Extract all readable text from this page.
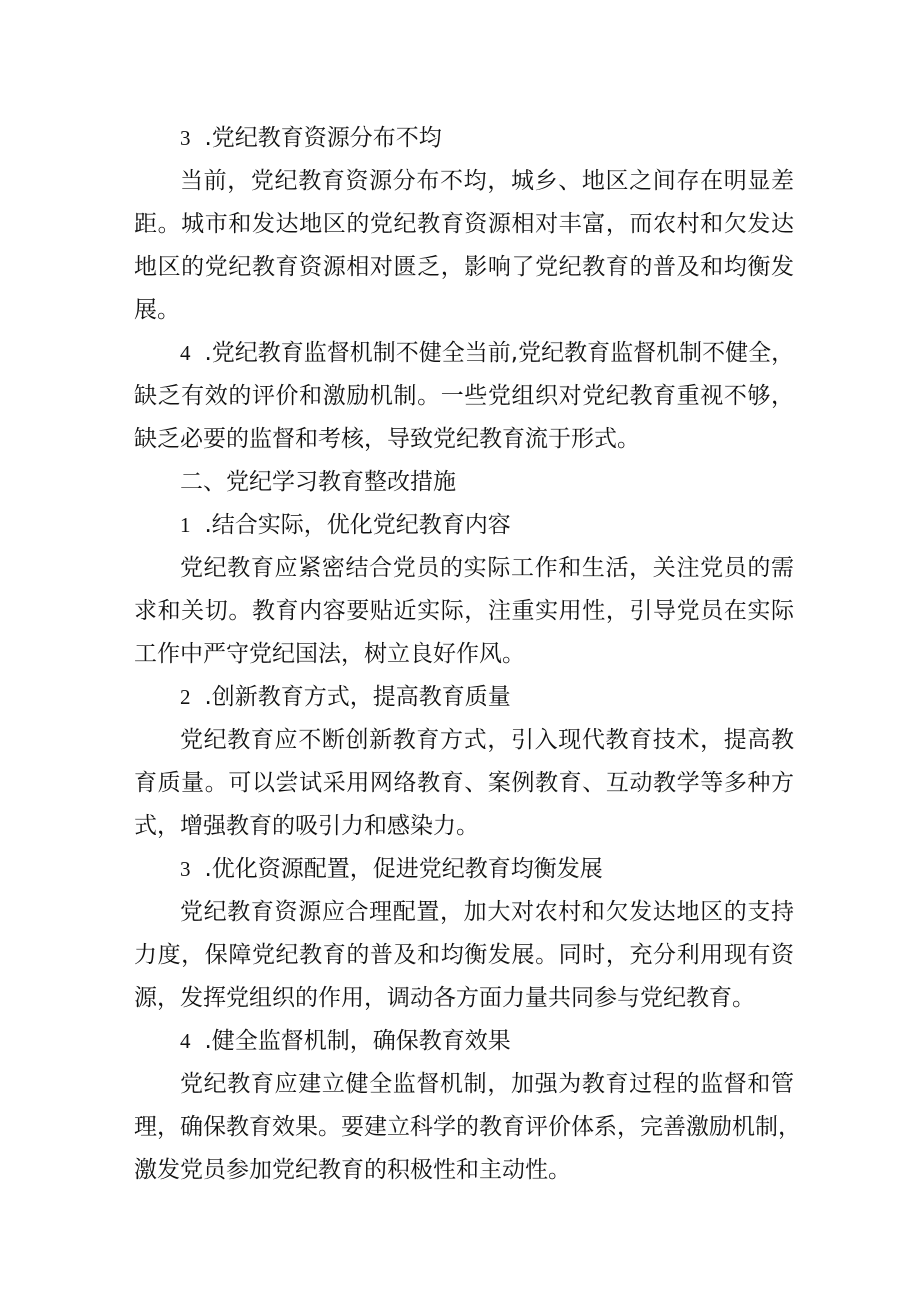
3 .党纪教育资源分布不均
当前，党纪教育资源分布不均，城乡、地区之间存在明显差
距。城市和发达地区的党纪教育资源相对丰富，而农村和欠发达
地区的党纪教育资源相对匮乏，影响了党纪教育的普及和均衡发
展。
4 .党纪教育监督机制不健全当前,党纪教育监督机制不健全，
缺乏有效的评价和激励机制。一些党组织对党纪教育重视不够，
缺乏必要的监督和考核，导致党纪教育流于形式。
二、党纪学习教育整改措施
1 .结合实际，优化党纪教育内容
党纪教育应紧密结合党员的实际工作和生活，关注党员的需
求和关切。教育内容要贴近实际，注重实用性，引导党员在实际
工作中严守党纪国法，树立良好作风。
2 .创新教育方式，提高教育质量
党纪教育应不断创新教育方式，引入现代教育技术，提高教
育质量。可以尝试采用网络教育、案例教育、互动教学等多种方
式，增强教育的吸引力和感染力。
3 .优化资源配置，促进党纪教育均衡发展
党纪教育资源应合理配置，加大对农村和欠发达地区的支持
力度，保障党纪教育的普及和均衡发展。同时，充分利用现有资
源，发挥党组织的作用，调动各方面力量共同参与党纪教育。
4 .健全监督机制，确保教育效果
党纪教育应建立健全监督机制，加强为教育过程的监督和管
理，确保教育效果。要建立科学的教育评价体系，完善激励机制，
激发党员参加党纪教育的积极性和主动性。
